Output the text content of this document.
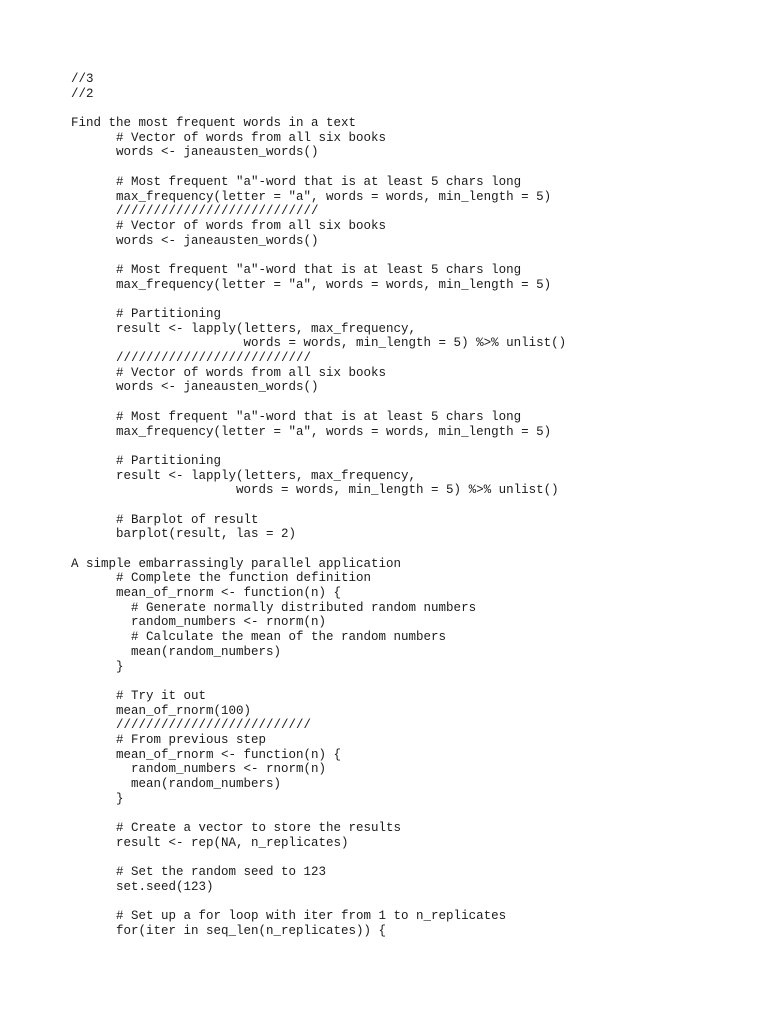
//3
//2
Find the most frequent words in a text
# Vector of words from all six books
words <- janeausten_words()
# Most frequent "a"-word that is at least 5 chars long
max_frequency(letter = "a", words = words, min_length = 5)
///////////////////////////
# Vector of words from all six books
words <- janeausten_words()
# Most frequent "a"-word that is at least 5 chars long
max_frequency(letter = "a", words = words, min_length = 5)
# Partitioning
result <- lapply(letters, max_frequency,
words = words, min_length = 5) %>% unlist()
//////////////////////////
# Vector of words from all six books
words <- janeausten_words()
# Most frequent "a"-word that is at least 5 chars long
max_frequency(letter = "a", words = words, min_length = 5)
# Partitioning
result <- lapply(letters, max_frequency,
words = words, min_length = 5) %>% unlist()
# Barplot of result
barplot(result, las = 2)
A simple embarrassingly parallel application
# Complete the function definition
mean_of_rnorm <- function(n) {
# Generate normally distributed random numbers
random_numbers <- rnorm(n)
# Calculate the mean of the random numbers
mean(random_numbers)
}
# Try it out
mean_of_rnorm(100)
//////////////////////////
# From previous step
mean_of_rnorm <- function(n) {
random_numbers <- rnorm(n)
mean(random_numbers)
}
# Create a vector to store the results
result <- rep(NA, n_replicates)
# Set the random seed to 123
set.seed(123)
# Set up a for loop with iter from 1 to n_replicates
for(iter in seq_len(n_replicates)) {
